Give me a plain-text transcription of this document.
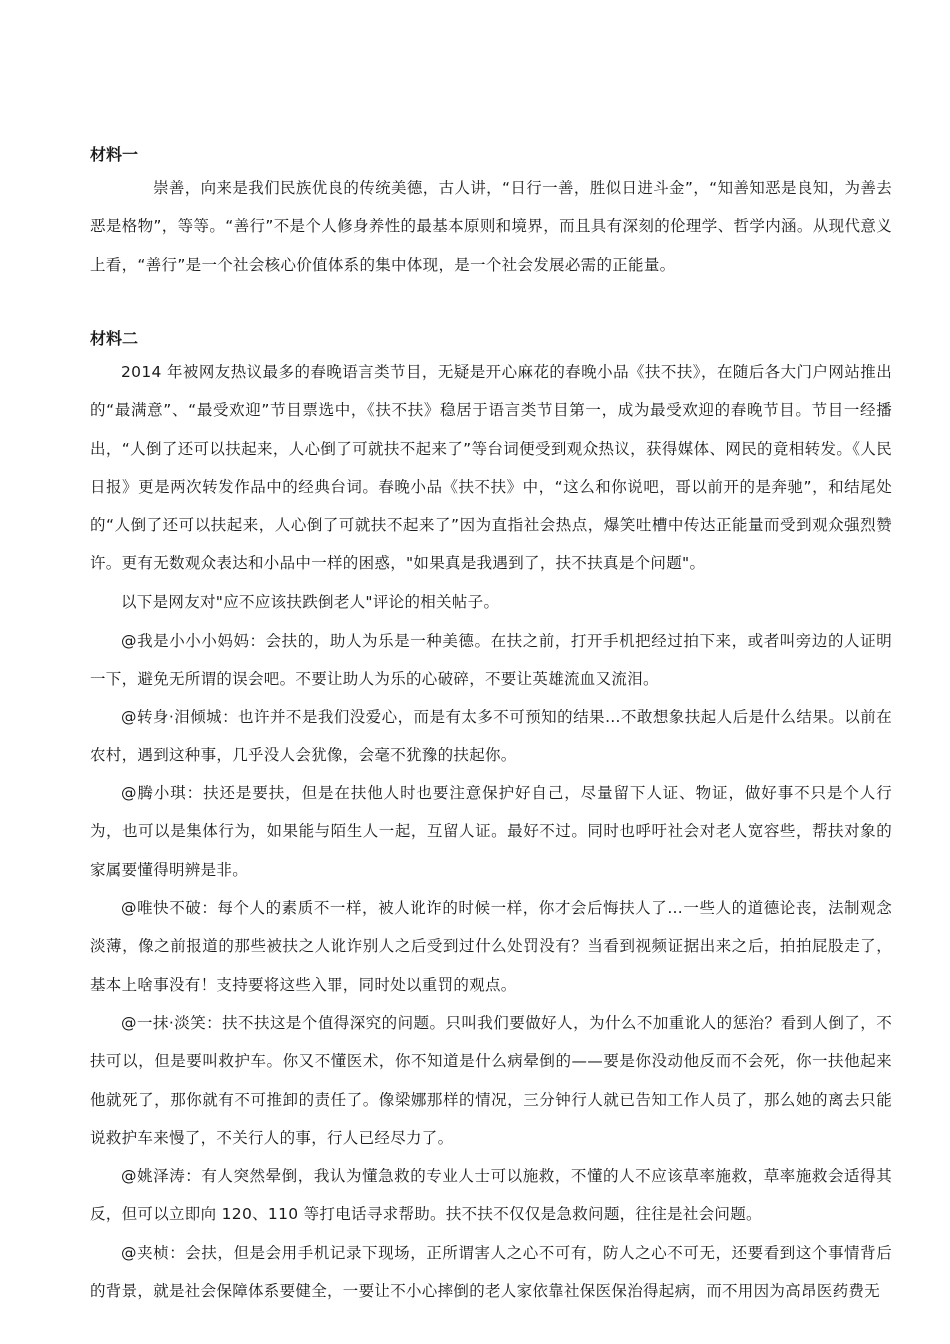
材料一
崇善，向来是我们民族优良的传统美德，古人讲，“日行一善，胜似日进斗金”，“知善知恶是良知，为善去恶是格物”，等等。“善行”不是个人修身养性的最基本原则和境界，而且具有深刻的伦理学、哲学内涵。从现代意义上看，“善行”是一个社会核心价值体系的集中体现，是一个社会发展必需的正能量。
材料二
2014 年被网友热议最多的春晚语言类节目，无疑是开心麻花的春晚小品《扶不扶》，在随后各大门户网站推出的“最满意”、“最受欢迎”节目票选中，《扶不扶》稳居于语言类节目第一，成为最受欢迎的春晚节目。节目一经播出，“人倒了还可以扶起来，人心倒了可就扶不起来了”等台词便受到观众热议，获得媒体、网民的竟相转发。《人民日报》更是两次转发作品中的经典台词。春晚小品《扶不扶》中，“这么和你说吧，哥以前开的是奔驰”，和结尾处的“人倒了还可以扶起来，人心倒了可就扶不起来了”因为直指社会热点，爆笑吐槽中传达正能量而受到观众强烈赞许。更有无数观众表达和小品中一样的困惑，"如果真是我遇到了，扶不扶真是个问题"。
以下是网友对"应不应该扶跌倒老人"评论的相关帖子。
@我是小小小妈妈：会扶的，助人为乐是一种美德。在扶之前，打开手机把经过拍下来，或者叫旁边的人证明一下，避免无所谓的误会吧。不要让助人为乐的心破碎，不要让英雄流血又流泪。
@转身·泪倾城：也许并不是我们没爱心，而是有太多不可预知的结果…不敢想象扶起人后是什么结果。以前在农村，遇到这种事，几乎没人会犹像，会毫不犹豫的扶起你。
@腾小琪：扶还是要扶，但是在扶他人时也要注意保护好自己，尽量留下人证、物证，做好事不只是个人行为，也可以是集体行为，如果能与陌生人一起，互留人证。最好不过。同时也呼吁社会对老人宽容些，帮扶对象的家属要懂得明辨是非。
@唯快不破：每个人的素质不一样，被人讹诈的时候一样，你才会后悔扶人了…一些人的道德论丧，法制观念淡薄，像之前报道的那些被扶之人讹诈别人之后受到过什么处罚没有？当看到视频证据出来之后，拍拍屁股走了，基本上啥事没有！支持要将这些入罪，同时处以重罚的观点。
@一抹·淡笑：扶不扶这是个值得深究的问题。只叫我们要做好人，为什么不加重讹人的惩治？看到人倒了，不扶可以，但是要叫救护车。你又不懂医术，你不知道是什么病晕倒的——要是你没动他反而不会死，你一扶他起来他就死了，那你就有不可推卸的责任了。像梁娜那样的情况，三分钟行人就已告知工作人员了，那么她的离去只能说救护车来慢了，不关行人的事，行人已经尽力了。
@姚泽涛：有人突然晕倒，我认为懂急救的专业人士可以施救，不懂的人不应该草率施救，草率施救会适得其反，但可以立即向 120、110 等打电话寻求帮助。扶不扶不仅仅是急救问题，往往是社会问题。
@夹桢：会扶，但是会用手机记录下现场，正所谓害人之心不可有，防人之心不可无，还要看到这个事情背后的背景，就是社会保障体系要健全，一要让不小心摔倒的老人家依靠社保医保治得起病，而不用因为高昂医药费无
